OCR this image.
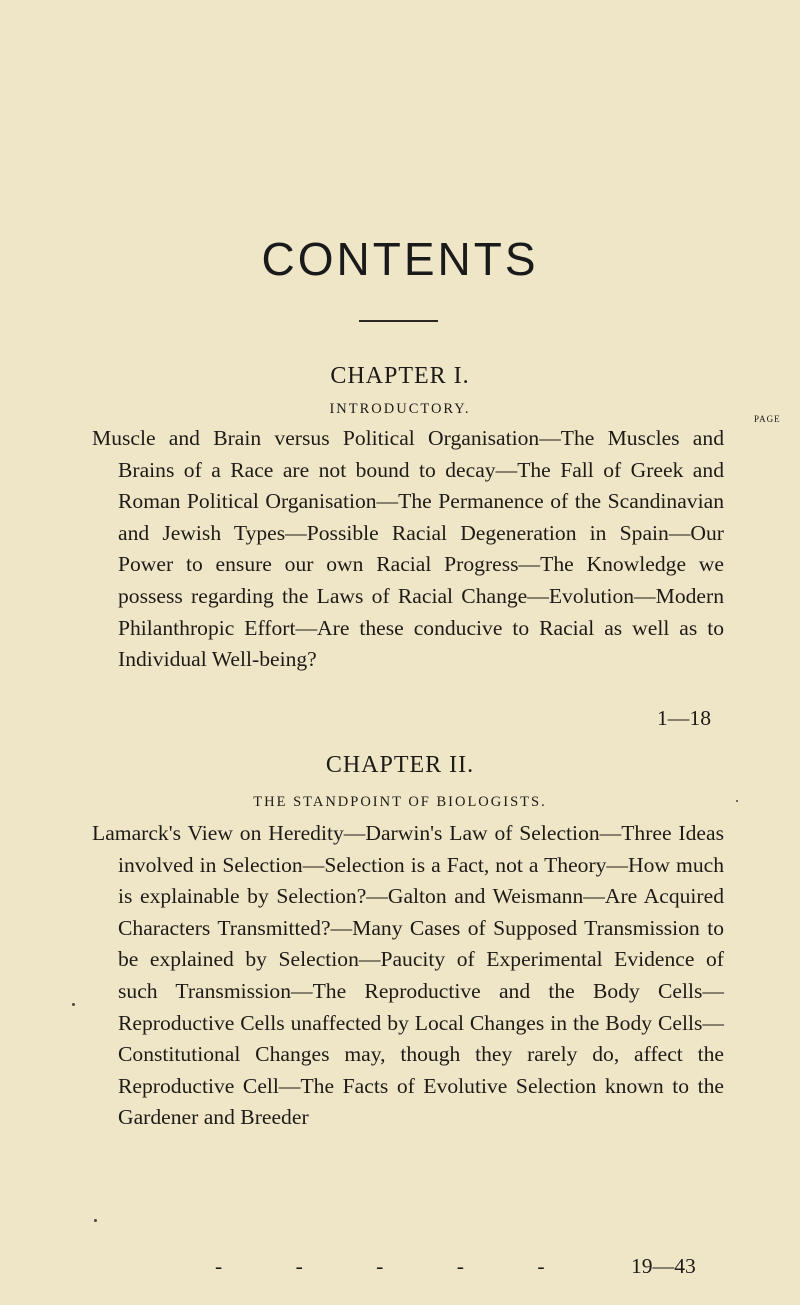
CONTENTS
CHAPTER I.
INTRODUCTORY.
PAGE
Muscle and Brain versus Political Organisation—The Muscles and Brains of a Race are not bound to decay—The Fall of Greek and Roman Political Organisation—The Permanence of the Scandinavian and Jewish Types—Possible Racial Degeneration in Spain—Our Power to ensure our own Racial Progress—The Knowledge we possess regarding the Laws of Racial Change—Evolution—Modern Philanthropic Effort—Are these conducive to Racial as well as to Individual Well-being?
1—18
CHAPTER II.
THE STANDPOINT OF BIOLOGISTS.
Lamarck's View on Heredity—Darwin's Law of Selection—Three Ideas involved in Selection—Selection is a Fact, not a Theory—How much is explainable by Selection?—Galton and Weismann—Are Acquired Characters Transmitted?—Many Cases of Supposed Transmission to be explained by Selection—Paucity of Experimental Evidence of such Transmission—The Reproductive and the Body Cells—Reproductive Cells unaffected by Local Changes in the Body Cells—Constitutional Changes may, though they rarely do, affect the Reproductive Cell—The Facts of Evolutive Selection known to the Gardener and Breeder
- - - - - 19—43
